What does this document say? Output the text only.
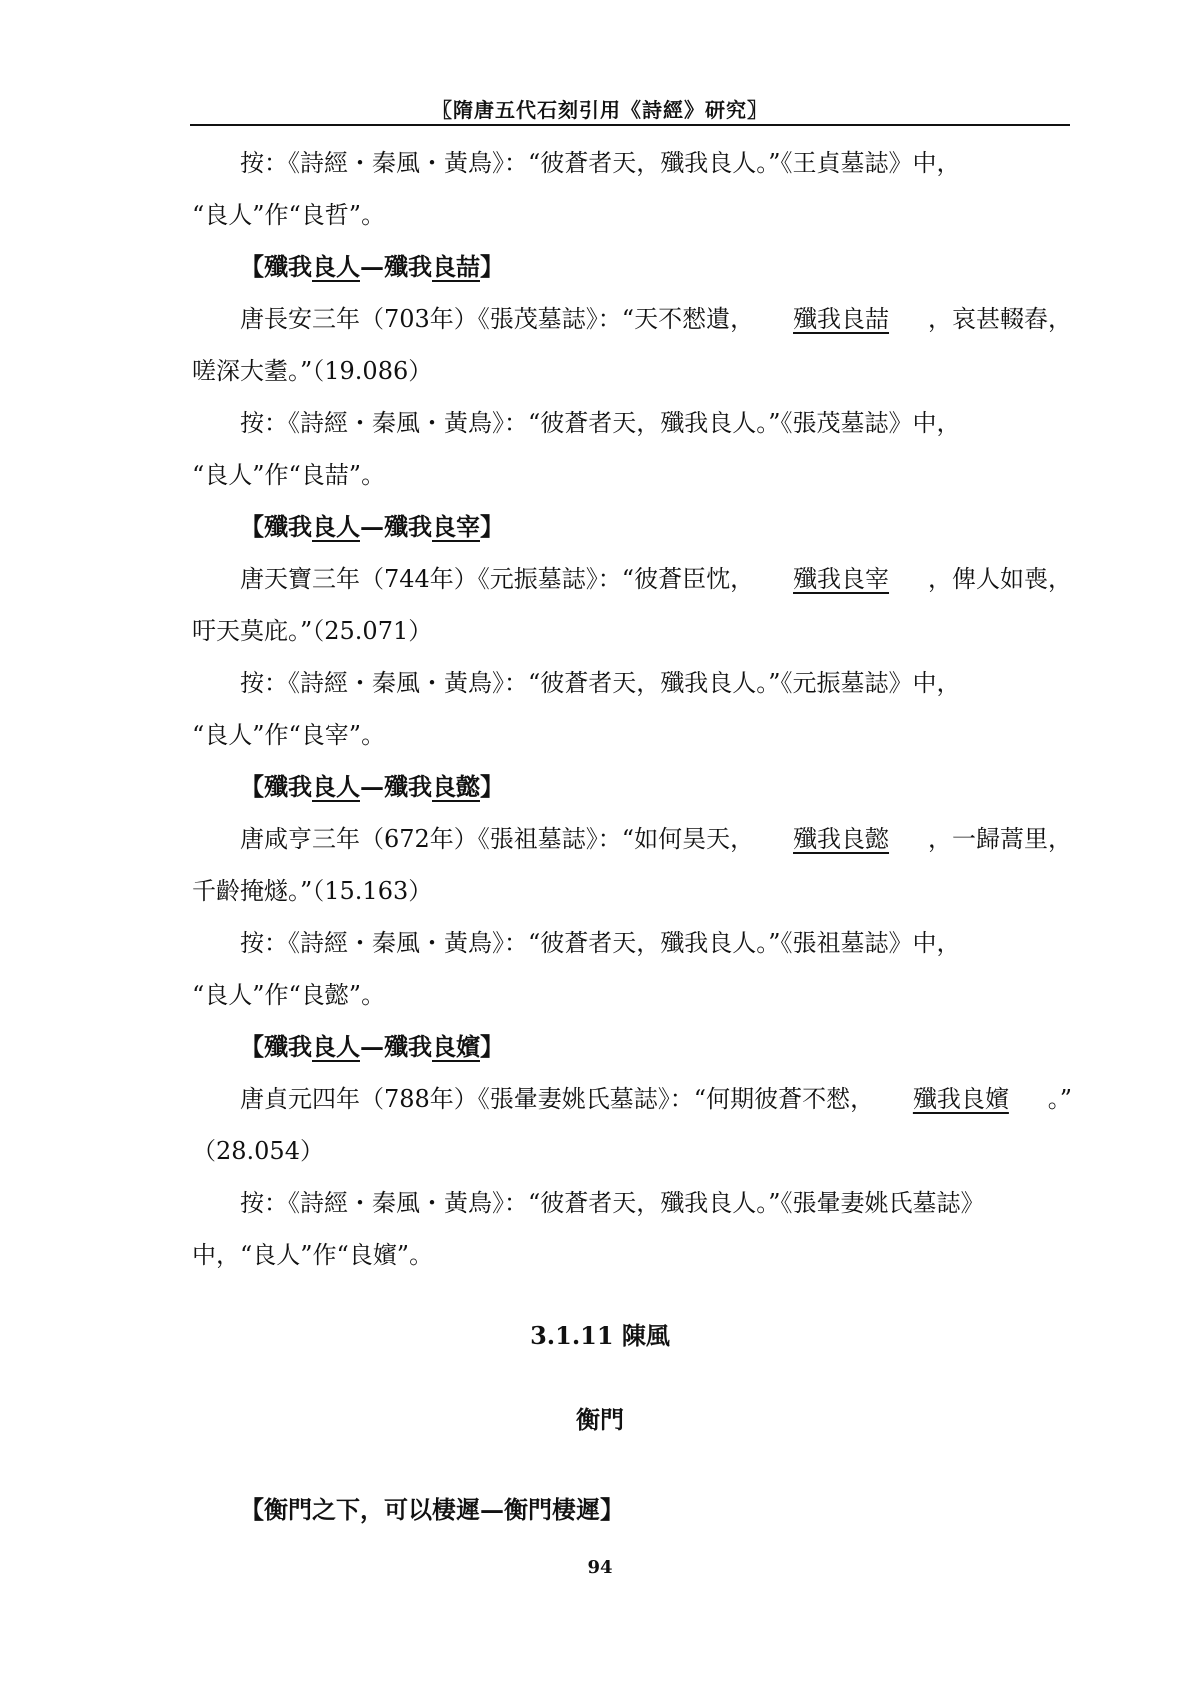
〖隋唐五代石刻引用《詩經》研究〗
按：《詩經・秦風・黃鳥》：“彼蒼者天，殲我良人。”《王貞墓誌》中，
“良人”作“良哲”。
【殲我良人—殲我良喆】
唐長安三年（703年）《張茂墓誌》：“天不憖遺， 殲我良喆 ，哀甚輟舂，
嗟深大耋。”（19.086）
按：《詩經・秦風・黃鳥》：“彼蒼者天，殲我良人。”《張茂墓誌》中，
“良人”作“良喆”。
【殲我良人—殲我良宰】
唐天寶三年（744年）《元振墓誌》：“彼蒼臣忱， 殲我良宰 ，俾人如喪，
吁天莫庇。”（25.071）
按：《詩經・秦風・黃鳥》：“彼蒼者天，殲我良人。”《元振墓誌》中，
“良人”作“良宰”。
【殲我良人—殲我良懿】
唐咸亨三年（672年）《張祖墓誌》：“如何昊天， 殲我良懿 ，一歸蒿里，
千齡掩燧。”（15.163）
按：《詩經・秦風・黃鳥》：“彼蒼者天，殲我良人。”《張祖墓誌》中，
“良人”作“良懿”。
【殲我良人—殲我良嬪】
唐貞元四年（788年）《張暈妻姚氏墓誌》：“何期彼蒼不憖， 殲我良嬪 。”
（28.054）
按：《詩經・秦風・黃鳥》：“彼蒼者天，殲我良人。”《張暈妻姚氏墓誌》
中，“良人”作“良嬪”。
3.1.11 陳風
衡門
【衡門之下，可以棲遲—衡門棲遲】
94
